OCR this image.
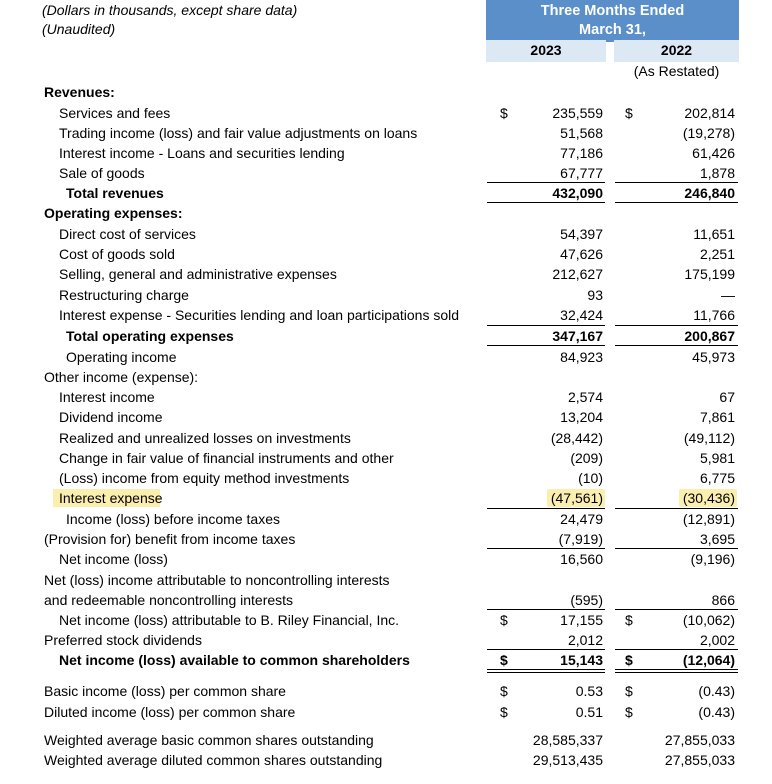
(Dollars in thousands, except share data)
(Unaudited)
Three Months Ended
March 31,
2023	2022
(As Restated)
Revenues:
Services and fees	$	235,559 $	202,814
Trading income (loss) and fair value adjustments on loans	51,568	(19,278)
Interest income - Loans and securities lending	77,186	61,426
Sale of goods	67,777	1,878
Total revenues	432,090	246,840
Operating expenses:
Direct cost of services	54,397	11,651
Cost of goods sold	47,626	2,251
Selling, general and administrative expenses	212,627	175,199
Restructuring charge	93	—
Interest expense - Securities lending and loan participations sold	32,424	11,766
Total operating expenses	347,167	200,867
Operating income	84,923	45,973
Other income (expense):
Interest income	2,574	67
Dividend income	13,204	7,861
Realized and unrealized losses on investments	(28,442)	(49,112)
Change in fair value of financial instruments and other	(209)	5,981
(Loss) income from equity method investments	(10)	6,775
Interest expense	(47,561)	(30,436)
Income (loss) before income taxes	24,479	(12,891)
(Provision for) benefit from income taxes	(7,919)	3,695
Net income (loss)	16,560	(9,196)
Net (loss) income attributable to noncontrolling interests
and redeemable noncontrolling interests	(595)	866
Net income (loss) attributable to B. Riley Financial, Inc.	$	17,155 $	(10,062)
Preferred stock dividends	2,012	2,002
Net income (loss) available to common shareholders	$	15,143 $	(12,064)
Basic income (loss) per common share	$	0.53 $	(0.43)
Diluted income (loss) per common share	$	0.51 $	(0.43)
Weighted average basic common shares outstanding	28,585,337	27,855,033
Weighted average diluted common shares outstanding	29,513,435	27,855,033
